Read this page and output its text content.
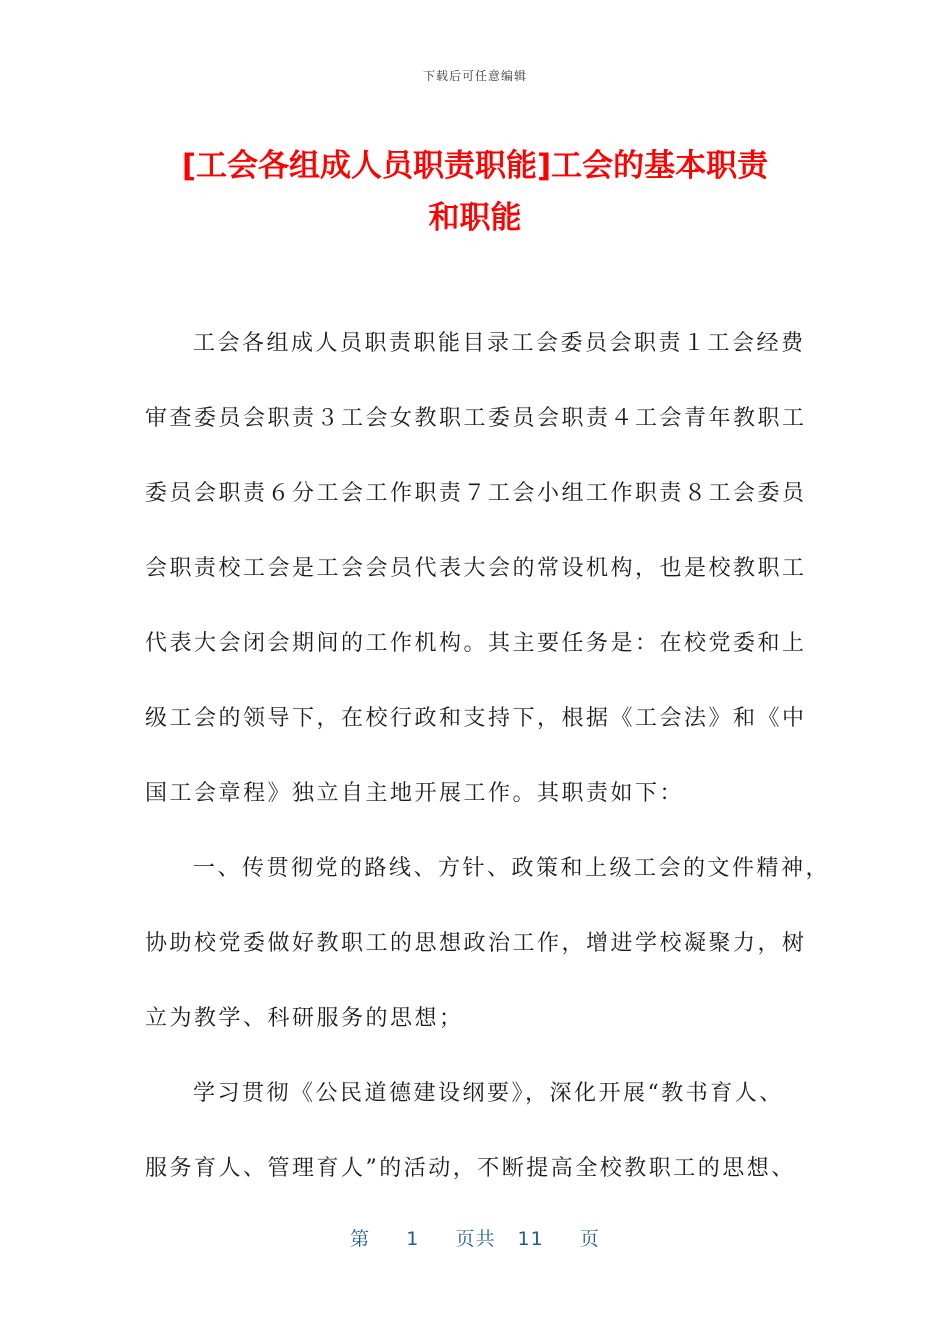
下载后可任意编辑
[工会各组成人员职责职能]工会的基本职责
和职能
工会各组成人员职责职能目录工会委员会职责１工会经费
审查委员会职责３工会女教职工委员会职责４工会青年教职工
委员会职责６分工会工作职责７工会小组工作职责８工会委员
会职责校工会是工会会员代表大会的常设机构，也是校教职工
代表大会闭会期间的工作机构。其主要任务是：在校党委和上
级工会的领导下，在校行政和支持下，根据《工会法》和《中
国工会章程》独立自主地开展工作。其职责如下：
一、传贯彻党的路线、方针、政策和上级工会的文件精神，
协助校党委做好教职工的思想政治工作，增进学校凝聚力，树
立为教学、科研服务的思想；
学习贯彻《公民道德建设纲要》，深化开展“教书育人、
服务育人、管理育人”的活动，不断提高全校教职工的思想、
第 1 页共 11 页
